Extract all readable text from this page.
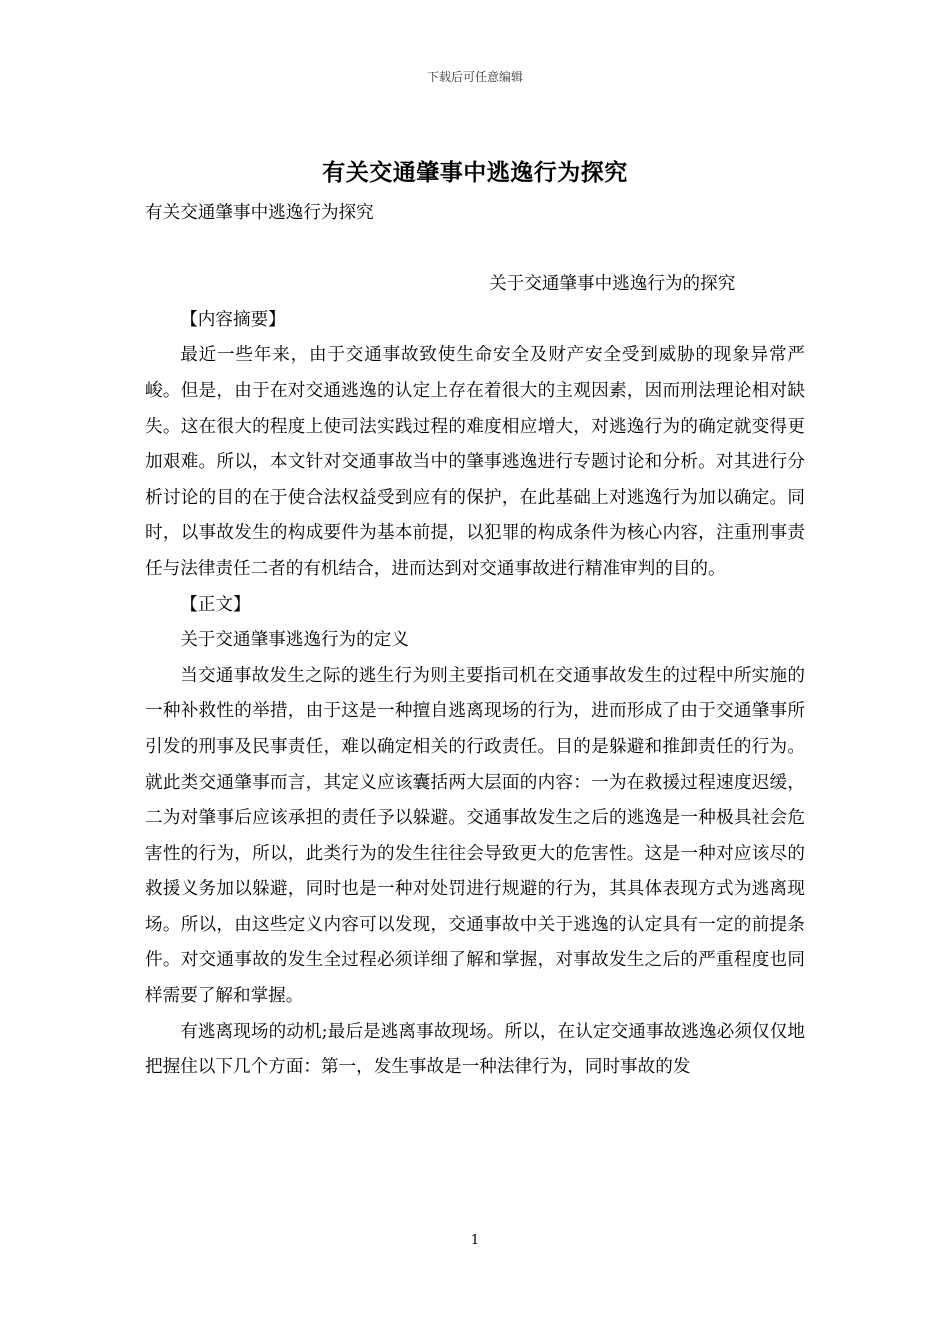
下载后可任意编辑
有关交通肇事中逃逸行为探究

有关交通肇事中逃逸行为探究

关于交通肇事中逃逸行为的探究

【内容摘要】

最近一些年来，由于交通事故致使生命安全及财产安全受到威胁的现象异常严峻。但是，由于在对交通逃逸的认定上存在着很大的主观因素，因而刑法理论相对缺失。这在很大的程度上使司法实践过程的难度相应增大，对逃逸行为的确定就变得更加艰难。所以，本文针对交通事故当中的肇事逃逸进行专题讨论和分析。对其进行分析讨论的目的在于使合法权益受到应有的保护，在此基础上对逃逸行为加以确定。同时，以事故发生的构成要件为基本前提，以犯罪的构成条件为核心内容，注重刑事责任与法律责任二者的有机结合，进而达到对交通事故进行精准审判的目的。

【正文】

关于交通肇事逃逸行为的定义

当交通事故发生之际的逃生行为则主要指司机在交通事故发生的过程中所实施的一种补救性的举措，由于这是一种擅自逃离现场的行为，进而形成了由于交通肇事所引发的刑事及民事责任，难以确定相关的行政责任。目的是躲避和推卸责任的行为。就此类交通肇事而言，其定义应该囊括两大层面的内容：一为在救援过程速度迟缓，二为对肇事后应该承担的责任予以躲避。交通事故发生之后的逃逸是一种极具社会危害性的行为，所以，此类行为的发生往往会导致更大的危害性。这是一种对应该尽的救援义务加以躲避，同时也是一种对处罚进行规避的行为，其具体表现方式为逃离现场。所以，由这些定义内容可以发现，交通事故中关于逃逸的认定具有一定的前提条件。对交通事故的发生全过程必须详细了解和掌握，对事故发生之后的严重程度也同样需要了解和掌握。

有逃离现场的动机;最后是逃离事故现场。所以，在认定交通事故逃逸必须仅仅地把握住以下几个方面：第一，发生事故是一种法律行为，同时事故的发

1
